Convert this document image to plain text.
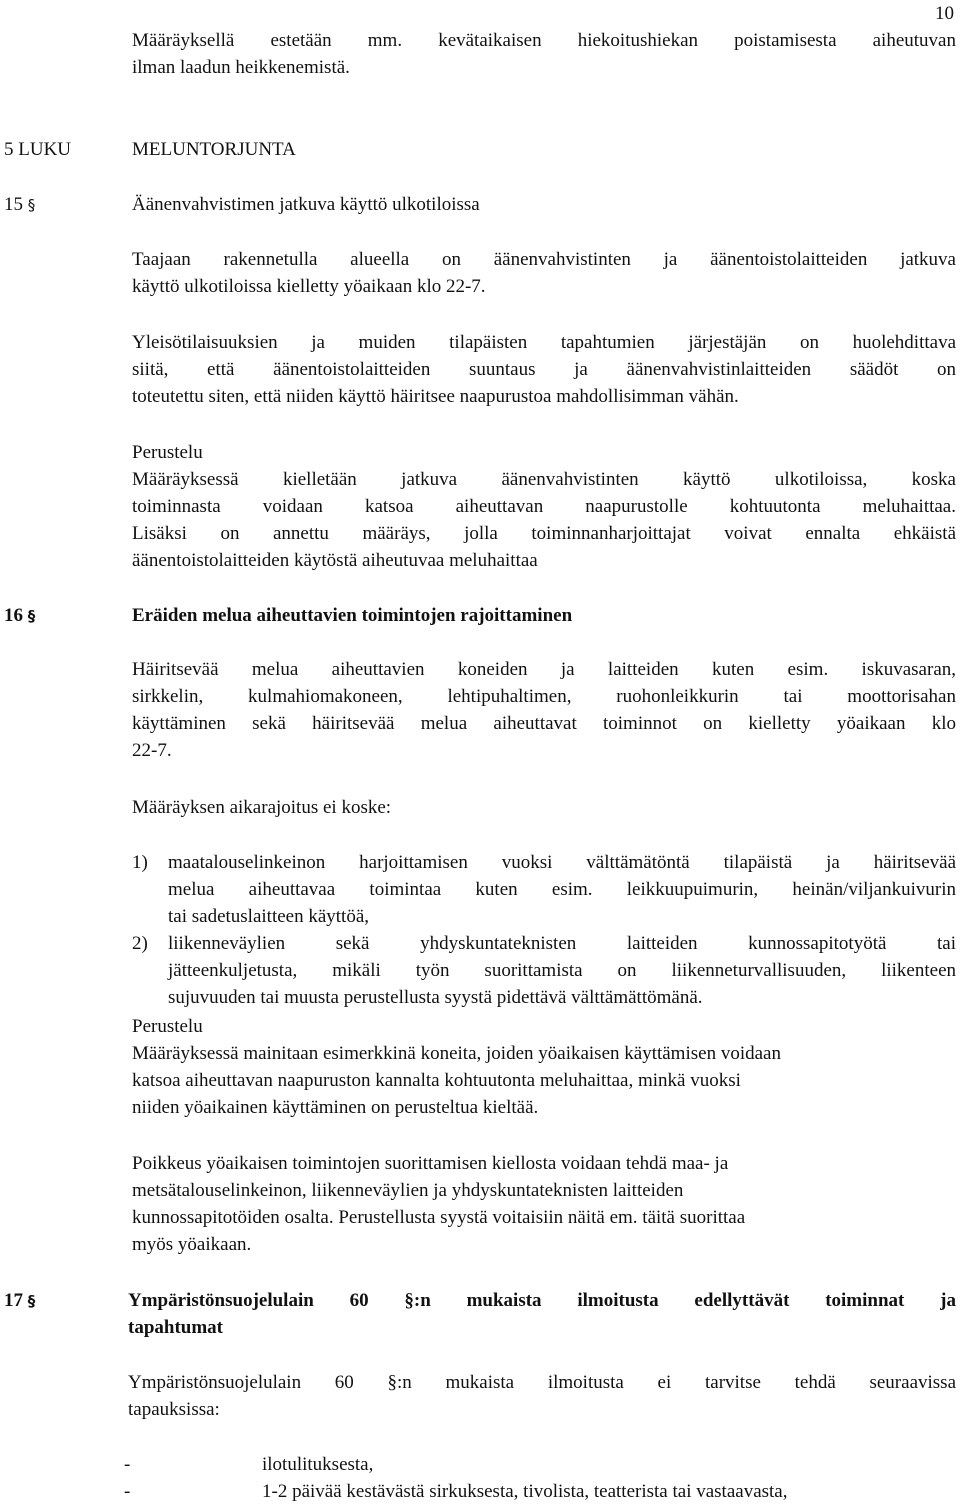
10
Määräyksellä estetään mm. kevätaikaisen hiekoitushiekan poistamisesta aiheutuvan
ilman laadun heikkenemistä.
5 LUKU	MELUNTORJUNTA
15 §	Äänenvahvistimen jatkuva käyttö ulkotiloissa
Taajaan rakennetulla alueella on äänenvahvistinten ja äänentoistolaitteiden jatkuva
käyttö ulkotiloissa kielletty yöaikaan klo 22-7.
Yleisötilaisuuksien ja muiden tilapäisten tapahtumien järjestäjän on huolehdittava
siitä, että äänentoistolaitteiden suuntaus ja äänenvahvistinlaitteiden säädöt on
toteutettu siten, että niiden käyttö häiritsee naapurustoa mahdollisimman vähän.
Perustelu
Määräyksessä kielletään jatkuva äänenvahvistinten käyttö ulkotiloissa, koska
toiminnasta voidaan katsoa aiheuttavan naapurustolle kohtuutonta meluhaittaa.
Lisäksi on annettu määräys, jolla toiminnanharjoittajat voivat ennalta ehkäistä
äänentoistolaitteiden käytöstä aiheutuvaa meluhaittaa
16 §	Eräiden melua aiheuttavien toimintojen rajoittaminen
Häiritsevää melua aiheuttavien koneiden ja laitteiden kuten esim. iskuvasaran,
sirkkelin, kulmahiomakoneen, lehtipuhaltimen, ruohonleikkurin tai moottorisahan
käyttäminen sekä häiritsevää melua aiheuttavat toiminnot on kielletty yöaikaan klo
22-7.
Määräyksen aikarajoitus ei koske:
1) maatalouselinkeinon harjoittamisen vuoksi välttämätöntä tilapäistä ja häiritsevää
melua aiheuttavaa toimintaa kuten esim. leikkuupuimurin, heinän/viljankuivurin
tai sadetuslaitteen käyttöä,
2) liikenneväylien sekä yhdyskuntateknisten laitteiden kunnossapitotyötä tai
jätteenkuljetusta, mikäli työn suorittamista on liikenneturvallisuuden, liikenteen
sujuvuuden tai muusta perustellusta syystä pidettävä välttämättömänä.
Perustelu
Määräyksessä mainitaan esimerkkinä koneita, joiden yöaikaisen käyttämisen voidaan
katsoa aiheuttavan naapuruston kannalta kohtuutonta meluhaittaa, minkä vuoksi
niiden yöaikainen käyttäminen on perusteltua kieltää.
Poikkeus yöaikaisen toimintojen suorittamisen kiellosta voidaan tehdä maa- ja
metsätalouselinkeinon, liikenneväylien ja yhdyskuntateknisten laitteiden
kunnossapitotöiden osalta. Perustellusta syystä voitaisiin näitä em. täitä suorittaa
myös yöaikaan.
17 §	Ympäristönsuojelulain 60 §:n mukaista ilmoitusta edellyttävät toiminnat ja
tapahtumat
Ympäristönsuojelulain 60 §:n mukaista ilmoitusta ei tarvitse tehdä seuraavissa
tapauksissa:
-	ilotulituksesta,
-	1-2 päivää kestävästä sirkuksesta, tivolista, teatterista tai vastaavasta,
